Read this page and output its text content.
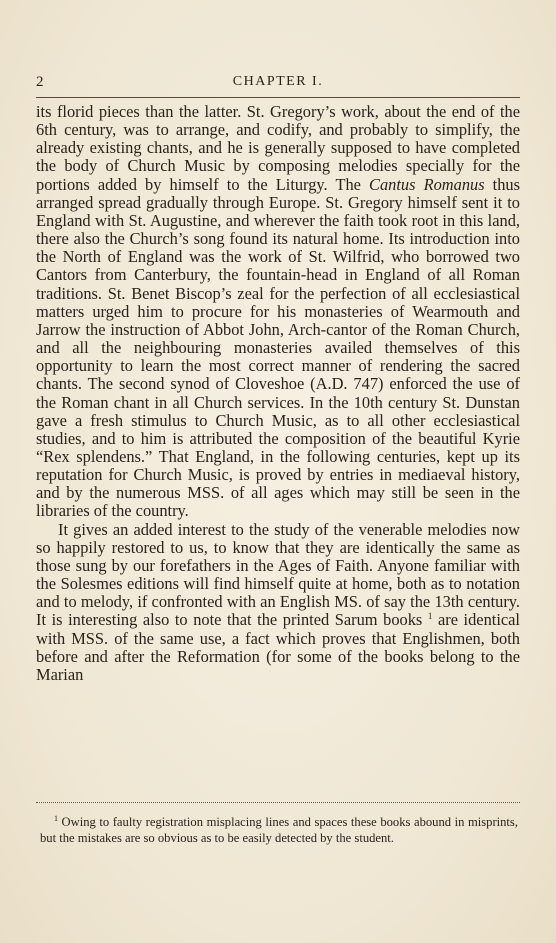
2	CHAPTER I.

its florid pieces than the latter. St. Gregory’s work, about the end of the 6th century, was to arrange, and codify, and probably to simplify, the already existing chants, and he is generally supposed to have completed the body of Church Music by composing melodies specially for the portions added by himself to the Liturgy. The Cantus Romanus thus arranged spread gradually through Europe. St. Gregory himself sent it to England with St. Augustine, and wherever the faith took root in this land, there also the Church’s song found its natural home. Its introduction into the North of England was the work of St. Wilfrid, who borrowed two Cantors from Canterbury, the fountain-head in England of all Roman traditions. St. Benet Biscop’s zeal for the perfection of all ecclesiastical matters urged him to procure for his monasteries of Wearmouth and Jarrow the instruction of Abbot John, Arch-cantor of the Roman Church, and all the neighbouring monasteries availed themselves of this opportunity to learn the most correct manner of rendering the sacred chants. The second synod of Cloveshoe (A.D. 747) enforced the use of the Roman chant in all Church services. In the 10th century St. Dunstan gave a fresh stimulus to Church Music, as to all other ecclesiastical studies, and to him is attributed the composition of the beautiful Kyrie “Rex splendens.” That England, in the following centuries, kept up its reputation for Church Music, is proved by entries in mediaeval history, and by the numerous MSS. of all ages which may still be seen in the libraries of the country.

It gives an added interest to the study of the venerable melodies now so happily restored to us, to know that they are identically the same as those sung by our forefathers in the Ages of Faith. Anyone familiar with the Solesmes editions will find himself quite at home, both as to notation and to melody, if confronted with an English MS. of say the 13th century. It is interesting also to note that the printed Sarum books $^1$ are identical with MSS. of the same use, a fact which proves that Englishmen, both before and after the Reformation (for some of the books belong to the Marian

$^1$ Owing to faulty registration misplacing lines and spaces these books abound in misprints, but the mistakes are so obvious as to be easily detected by the student.
